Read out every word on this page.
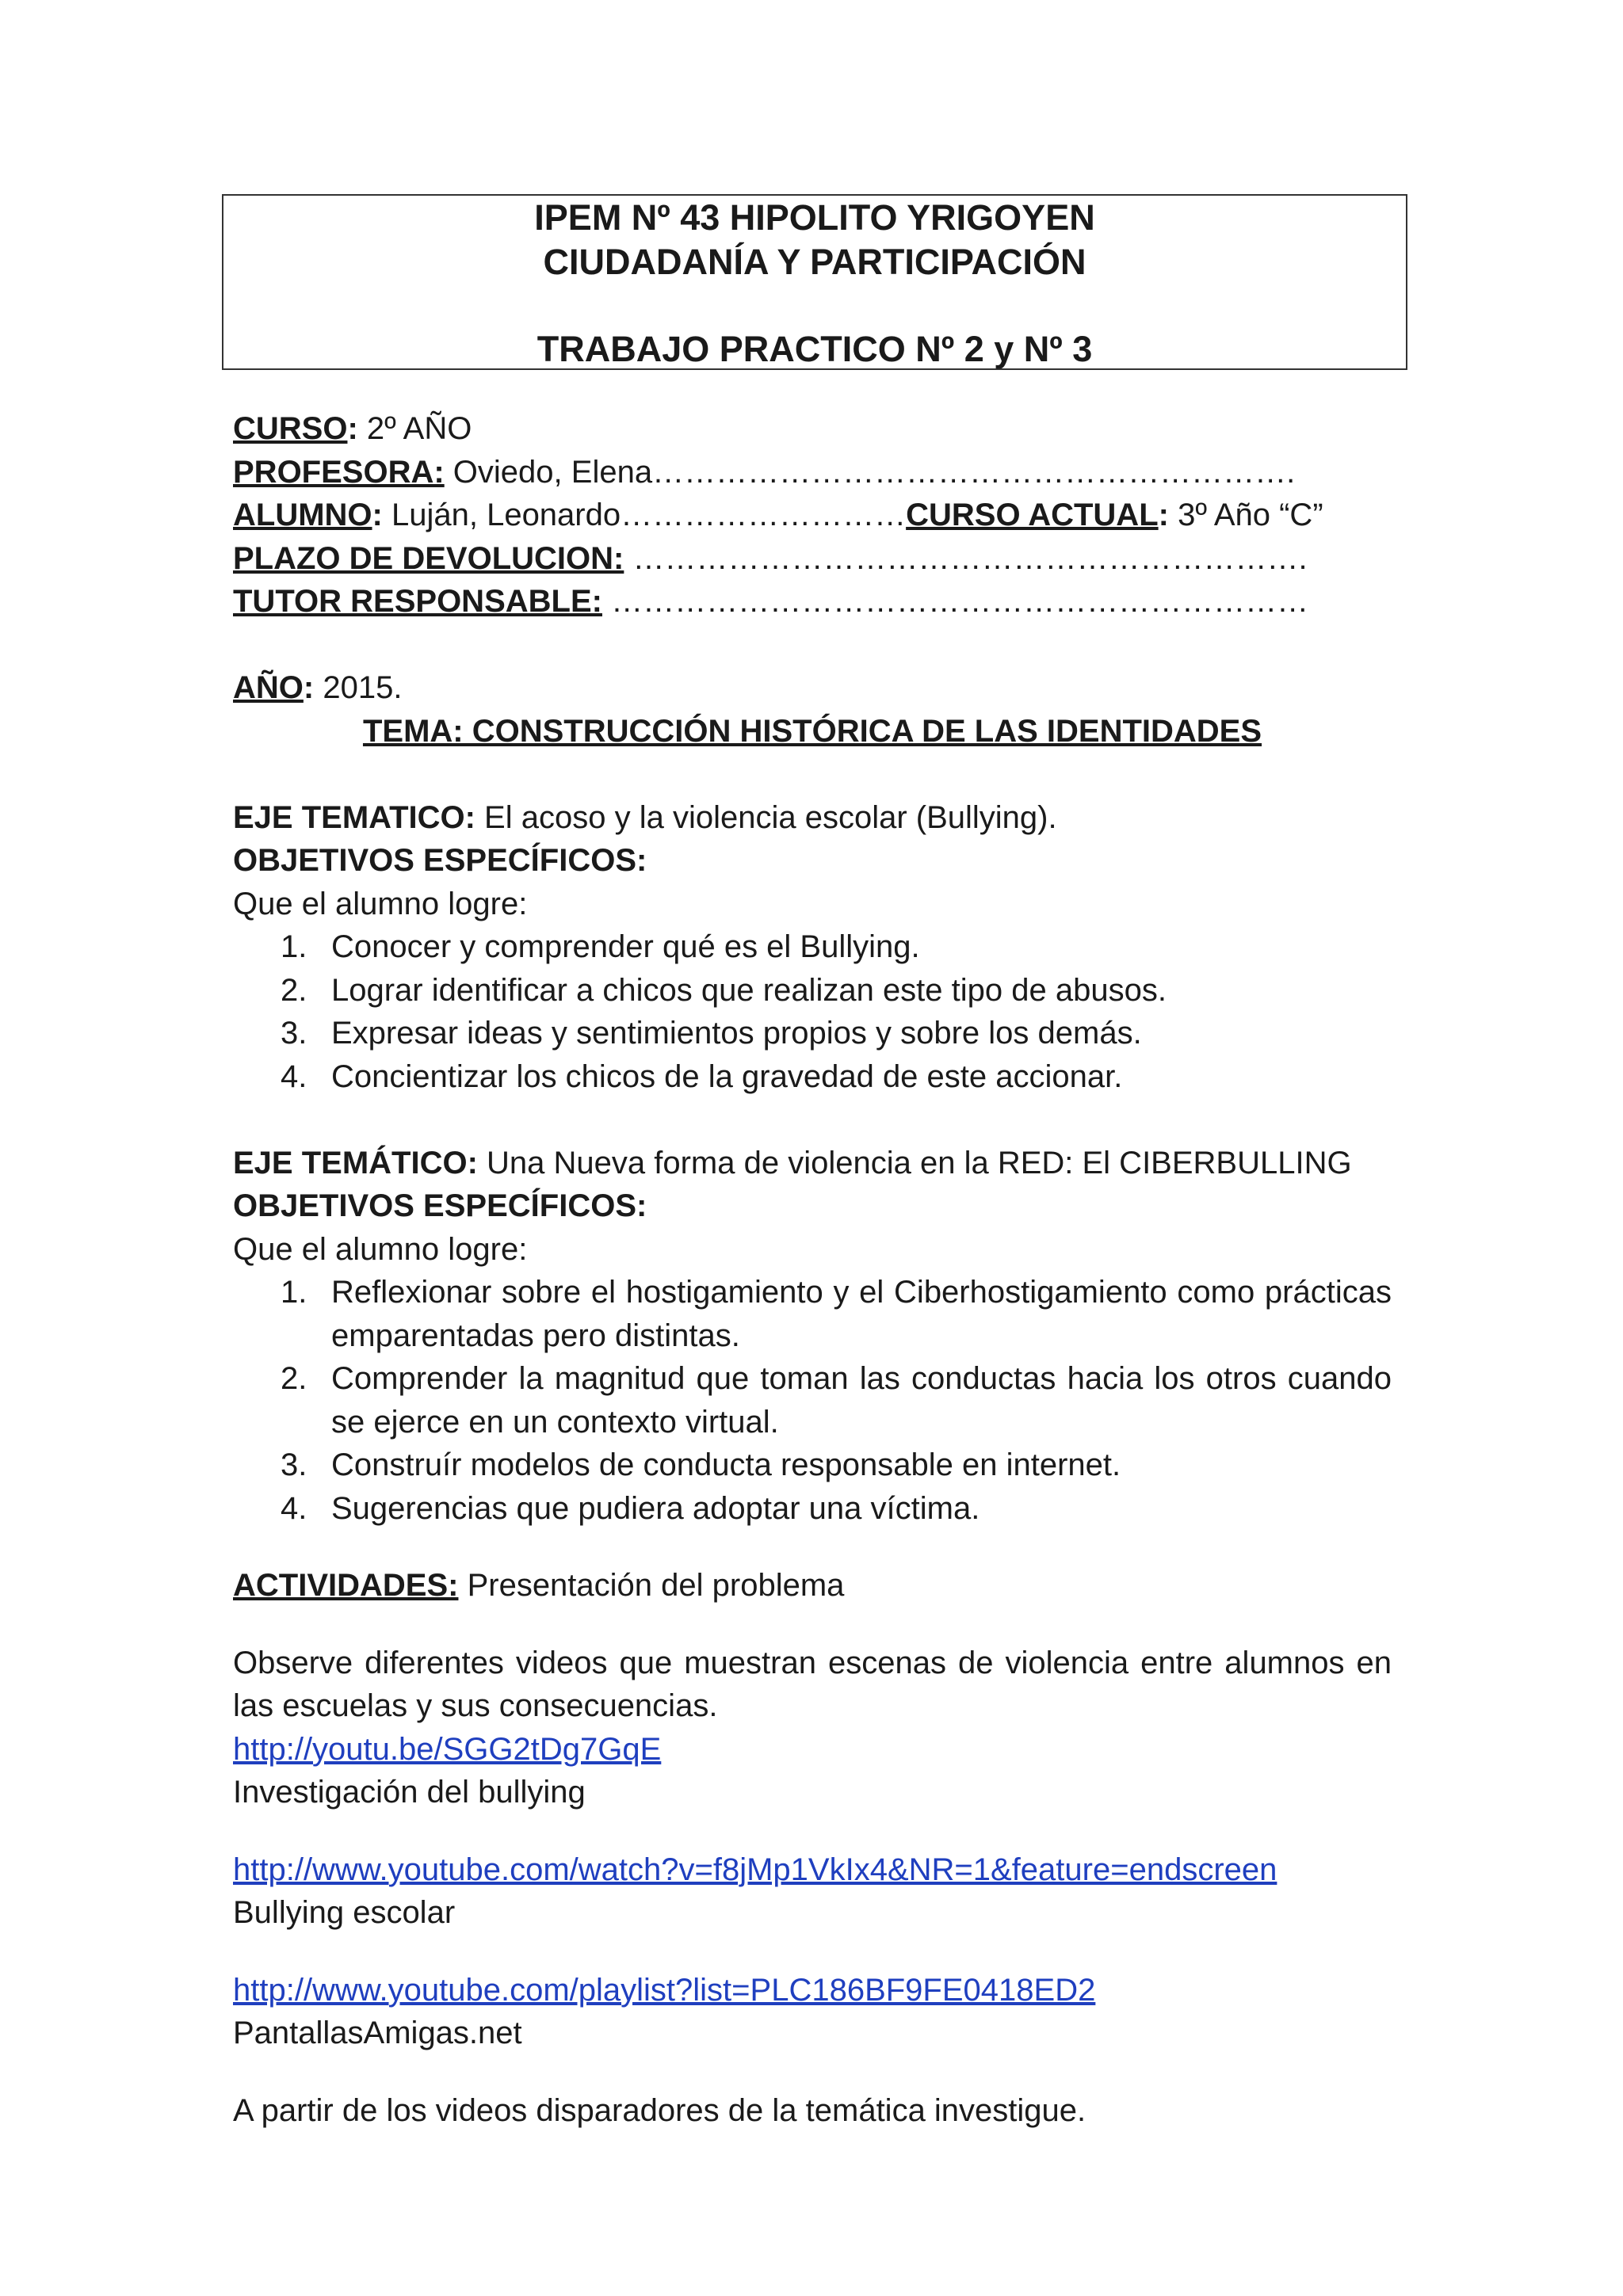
IPEM Nº 43 HIPOLITO YRIGOYEN
CIUDADANÍA Y PARTICIPACIÓN
TRABAJO PRACTICO Nº 2 y Nº 3
CURSO: 2º AÑO
PROFESORA: Oviedo, Elena…………………………………………………….
ALUMNO: Luján, Leonardo………………………CURSO ACTUAL: 3º Año “C”
PLAZO DE DEVOLUCION: ……………………………………………………….
TUTOR RESPONSABLE: …………………………………………………………
AÑO: 2015.
TEMA: CONSTRUCCIÓN HISTÓRICA DE LAS IDENTIDADES
EJE TEMATICO: El acoso y la violencia escolar (Bullying).
OBJETIVOS ESPECÍFICOS:
Que el alumno logre:
1. Conocer y comprender qué es el Bullying.
2. Lograr identificar a chicos que realizan este tipo de abusos.
3. Expresar ideas y sentimientos propios y sobre los demás.
4. Concientizar los chicos de la gravedad de este accionar.
EJE TEMÁTICO: Una Nueva forma de violencia en la RED: El CIBERBULLING
OBJETIVOS ESPECÍFICOS:
Que el alumno logre:
1. Reflexionar sobre el hostigamiento y el Ciberhostigamiento como prácticas emparentadas pero distintas.
2. Comprender la magnitud que toman las conductas hacia los otros cuando se ejerce en un contexto virtual.
3. Construír modelos de conducta responsable en internet.
4. Sugerencias que pudiera adoptar una víctima.
ACTIVIDADES: Presentación del problema
Observe diferentes videos que muestran escenas de violencia entre alumnos en las escuelas y sus consecuencias.
http://youtu.be/SGG2tDg7GqE
Investigación del bullying
http://www.youtube.com/watch?v=f8jMp1VkIx4&NR=1&feature=endscreen
Bullying escolar
http://www.youtube.com/playlist?list=PLC186BF9FE0418ED2
PantallasAmigas.net
A partir de los videos disparadores de la temática investigue.
